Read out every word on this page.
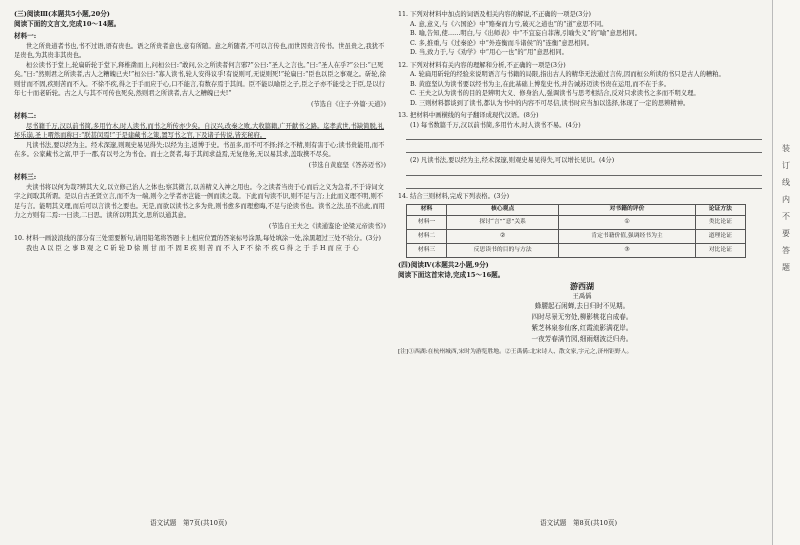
(三)阅读Ⅲ(本题共5小题,20分)

阅读下面的文言文,完成10～14题。

材料一:

世之所贵道者书也,书不过语,语有贵也。语之所贵者意也,意有所随。意之所随者,不可以言传也,而世因贵言传书。世虽贵之,我犹不足贵也,为其贵非其贵也。

桓公读书于堂上,轮扁斫轮于堂下,释椎凿而上,问桓公曰:“敢问,公之所读者何言邪?”公曰:“圣人之言也。”曰:“圣人在乎?”公曰:“已死矣。”曰:“然则君之所读者,古人之糟魄已夫!”桓公曰:“寡人读书,轮人安得议乎!有说则可,无说则死!”轮扁曰:“臣也以臣之事观之。斫轮,徐则甘而不固,疾则苦而不入。不徐不疾,得之于手而应于心,口不能言,有数存焉于其间。臣不能以喻臣之子,臣之子亦不能受之于臣,是以行年七十而老斫轮。古之人与其不可传也死矣,然则君之所读者,古人之糟魄已夫!”

(节选自《庄子·外篇·天道》)

材料二:

尽书籍千万,汉以前书简,多用竹木,时人读书,而书之所传亦少矣。自汉兴,改秦之败,大收篇籍,广开献书之路。迄孝武世,书缺简脱,礼坏乐崩,圣上喟然而称曰:“朕甚闵焉!”于是建藏书之策,置写书之官,下及诸子传说,皆充秘府。

凡读书法,要以经为主。经术深邃,则观史易见得失;以经为主,返博于史。书虽多,而不可不择;择之不精,则有害于心;读书贵能用,而不在多。公家藏书之富,甲于一郡,有以号之为书仓。而士之贤者,每于其间求益焉,无复他务,无以易其求,盖取携不尽矣。

(节选自黄庭坚《答苏迈书》)

材料三:

夫读书将以何为哉?辨其大义,以立修己治人之体也;察其微言,以善精义入神之用也。今之读者当贵于心而后之义为急者,不于诗词文字之间取其所谓。是以自古圣贤立言,而不为一端,则今之学者亦岂能一例而读之哉。下此而句读不识,则不足与言;上此而义理不明,则不足与言。能明其义理,而后可以言读书之要也。无是,而欲以读书之多为贵,则书愈多而理愈晦,不足与论读书也。读书之法,虽不出此,而用力之方则有二焉:一曰读,二曰思。读所以明其文,思所以通其意。

(节选自王夫之《读通鉴论·论梁元帝读书》)

10. 材料一画波浪线的部分有三处需要断句,请用铅笔将答题卡上相应位置的答案标号涂黑,每处填涂一处,涂黑超过三处不给分。(3分)

我也 A 以 臣 之 事 B 观 之 C 斫 轮 D 徐 则 甘 而 不 固 E 疾 则 苦 而 不 入 F 不 徐 不 疾 G 得 之 于 手 H 而 应 于 心

语文试题　第7页(共10页)

11. 下列对材料中加点的词语及相关内容的解说,不正确的一项是(3分)

A. 意,意义,与《六国论》中“赂秦而力亏,破灭之道也”的“道”意思不同。

B. 喻,告知,使……明白,与《出师表》中“不宜妄自菲薄,引喻失义”的“喻”意思相同。

C. 多,推重,与《过秦论》中“外连衡而斗诸侯”的“连衡”意思相同。

D. 当,致力于,与《劝学》中“用心一也”的“用”意思相同。

12. 下列对材料有关内容的理解和分析,不正确的一项是(3分)

A. 轮扁用斫轮的经验来说明语言与书籍的局限,指出古人的精华无法通过言传,因而桓公所读的书只是古人的糟粕。

B. 黄庭坚认为读书要以经书为主,在此基础上博览史书,并告诫苏迈读书贵在运用,而不在于多。

C. 王夫之认为读书的目的是辨明大义、修身治人,强调读书与思考相结合,反对只求读书之多而不明义理。

D. 三则材料都谈到了读书,都认为书中的内容不可尽信,读书时应当加以选择,体现了一定的思辨精神。

13. 把材料中画横线的句子翻译成现代汉语。(8分)

(1) 每书数篇千万,汉以前书简,多用竹木,时人读书不易。(4分)

(2) 凡读书法,要以经为主,经术深邃,则观史易见得失,可以增长见识。(4分)

14. 结合三则材料,完成下列表格。(3分)

材料	核心观点	对书籍的评价	论证方法
材料一	探讨“言”“意”关系	①	类比论证
材料二	②	肯定书籍价值,强调经书为主	道理论证
材料三	反思读书的目的与方法	③	对比论证

(四)阅读Ⅳ(本题共2小题,9分)

阅读下面这首宋诗,完成15～16题。

游西湖

王禹偁

蜂腰起石闲蝉,去日归时不见期。

四时尽景无穷处,柳影桃花自成春。

紫芝林泉参仙客,红霞流影满花岸。

一夜芳春满竹园,细雨烟波泛归舟。

[注]①西湖:在杭州城西,宋时为游览胜地。②王禹偁:北宋诗人、散文家,字元之,济州钜野人。

语文试题　第8页(共10页)
装 订 线 内 不 要 答 题
